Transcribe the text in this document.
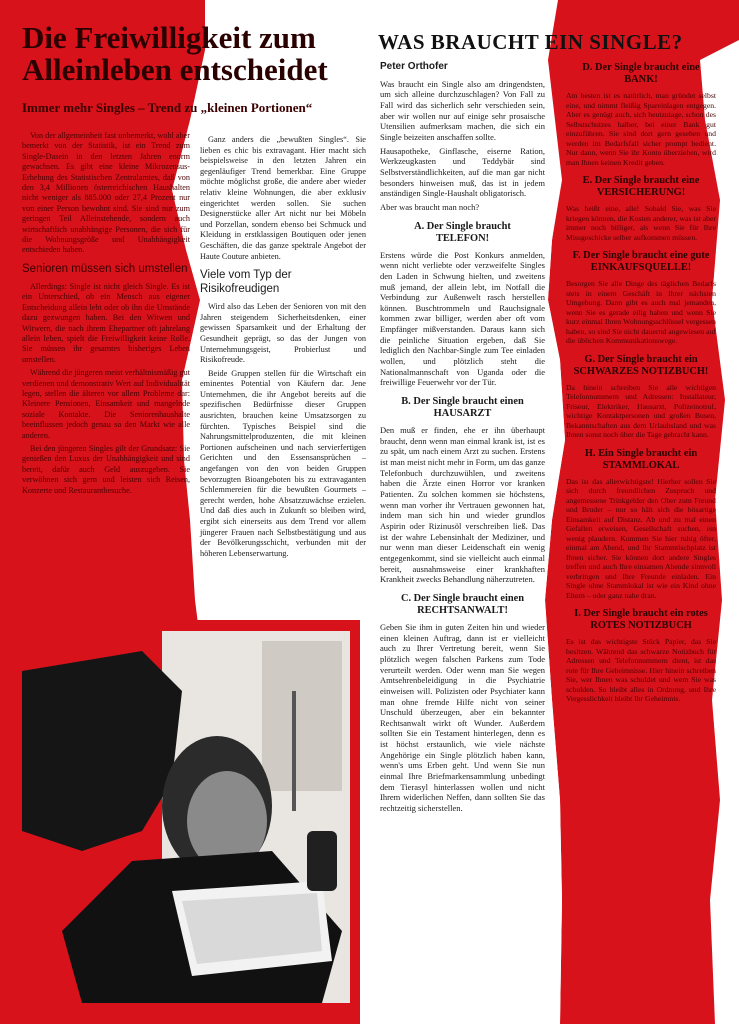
Die Freiwilligkeit zum Alleinleben entscheidet
Immer mehr Singles – Trend zu „kleinen Portionen“

Von der allgemeinheit fast unbemerkt, wohl aber bemerkt von der Statistik, ist ein Trend zum Single-Dasein in den letzten Jahren enorm gewachsen. Es gibt eine kleine Mikrozensus-Erhebung des Statistischen Zentralamtes, daß von den 3,4 Millionen österreichischen Haushalten nicht weniger als 885.000 oder 27,4 Prozent nur von einer Person bewohnt sind. Sie sind nur zum geringen Teil Alleinstehende, sondern auch wirtschaftlich unabhängige Personen, die sich für die Wohnungsgröße und Unabhängigkeit entschieden haben.

Senioren müssen sich umstellen

Allerdings: Single ist nicht gleich Single. Es ist ein Unterschied, ob ein Mensch aus eigener Entscheidung allein lebt oder ob ihn die Umstände dazu gezwungen haben. Bei den Witwen und Witwern, die nach ihrem Ehepartner oft jahrelang allein leben, spielt die Freiwilligkeit keine Rolle. Sie müssen ihr gesamtes bisheriges Leben umstellen.

Während die jüngeren meist verhältnismäßig gut verdienen und demonstrativ Wert auf Individualität legen, stellen die älteren vor allem Probleme dar: Kleinere Pensionen, Einsamkeit und mangelnde soziale Kontakte. Die Seniorenhaushalte beeinflussen jedoch genau so den Markt wie alle anderen.

Bei den jüngeren Singles gilt der Grundsatz: Sie genießen den Luxus der Unabhängigkeit und sind bereit, dafür auch Geld auszugeben. Sie verwöhnen sich gern und leisten sich Reisen, Konzerte und Restaurantbesuche.

Ganz anders die „bewußten Singles“. Sie lieben es chic bis extravagant. Hier macht sich beispielsweise in den letzten Jahren ein gegenläufiger Trend bemerkbar. Eine Gruppe möchte möglichst große, die andere aber wieder relativ kleine Wohnungen, die aber exklusiv eingerichtet werden sollen. Sie suchen Designerstücke aller Art nicht nur bei Möbeln und Porzellan, sondern ebenso bei Schmuck und Kleidung in erstklassigen Boutiquen oder jenen Geschäften, die das ganze spektrale Angebot der Haute Couture anbieten.

Viele vom Typ der Risikofreudigen

Wird also das Leben der Senioren von mit den Jahren steigendem Sicherheitsdenken, einer gewissen Sparsamkeit und der Erhaltung der Gesundheit geprägt, so das der Jungen von Unternehmungsgeist, Probierlust und Risikofreude.

Beide Gruppen stellen für die Wirtschaft ein eminentes Potential von Käufern dar. Jene Unternehmen, die ihr Angebot bereits auf die spezifischen Bedürfnisse dieser Gruppen ausrichten, brauchen keine Umsatzsorgen zu fürchten. Typisches Beispiel sind die Nahrungsmittelproduzenten, die mit kleinen Portionen aufscheinen und nach servierfertigen Gerichten und den Essensansprüchen – angefangen von den von beiden Gruppen bevorzugten Bioangeboten bis zu extravaganten Schlemmereien für die bewußten Gourmets – gerecht werden, hohe Absatzzuwächse erzielen. Und daß dies auch in Zukunft so bleiben wird, ergibt sich einerseits aus dem Trend vor allem jüngerer Frauen nach Selbstbestätigung und aus der Bevölkerungsschicht, verbunden mit der höheren Lebenserwartung.

WAS BRAUCHT EIN SINGLE?
Peter Orthofer

Was braucht ein Single also am dringendsten, um sich alleine durchzuschlagen? Von Fall zu Fall wird das sicherlich sehr verschieden sein, aber wir wollen nur auf einige sehr prosaische Utensilien aufmerksam machen, die sich ein Single beizeiten anschaffen sollte.

Hausapotheke, Ginflasche, eiserne Ration, Werkzeugkasten und Teddybär sind Selbstverständlichkeiten, auf die man gar nicht besonders hinweisen muß, das ist in jedem anständigen Single-Haushalt obligatorisch.

Aber was braucht man noch?

A. Der Single braucht
TELEFON!

Erstens würde die Post Konkurs anmelden, wenn nicht verliebte oder verzweifelte Singles den Laden in Schwung hielten, und zweitens muß jemand, der allein lebt, im Notfall die Verbindung zur Außenwelt rasch herstellen können. Buschtrommeln und Rauchsignale kommen zwar billiger, werden aber oft vom Empfänger mißverstanden. Daraus kann sich die peinliche Situation ergeben, daß Sie lediglich den Nachbar-Single zum Tee einladen wollen, und plötzlich steht die Nationalmannschaft von Uganda oder die freiwillige Feuerwehr vor der Tür.

B. Der Single braucht einen
HAUSARZT

Den muß er finden, ehe er ihn überhaupt braucht, denn wenn man einmal krank ist, ist es zu spät, um nach einem Arzt zu suchen. Erstens ist man meist nicht mehr in Form, um das ganze Telefonbuch durchzuwühlen, und zweitens haben die Ärzte einen Horror vor kranken Patienten. Zu solchen kommen sie höchstens, wenn man vorher ihr Vertrauen gewonnen hat, indem man sich hin und wieder grundlos Aspirin oder Rizinusöl verschreiben ließ. Das ist der wahre Lebensinhalt der Mediziner, und nur wenn man dieser Leidenschaft ein wenig entgegenkommt, sind sie vielleicht auch einmal bereit, ausnahmsweise einer krankhaften Krankheit zwecks Behandlung näherzutreten.

C. Der Single braucht einen
RECHTSANWALT!

Geben Sie ihm in guten Zeiten hin und wieder einen kleinen Auftrag, dann ist er vielleicht auch zu Ihrer Vertretung bereit, wenn Sie plötzlich wegen falschen Parkens zum Tode verurteilt werden. Oder wenn man Sie wegen Amtsehrenbeleidigung in die Psychiatrie einweisen will. Polizisten oder Psychiater kann man ohne fremde Hilfe nicht von seiner Unschuld überzeugen, aber ein bekannter Rechtsanwalt wirkt oft Wunder. Außerdem sollten Sie ein Testament hinterlegen, denn es ist höchst erstaunlich, wie viele nächste Angehörige ein Single plötzlich haben kann, wenn's ums Erben geht. Und wenn Sie nun einmal Ihre Briefmarkensammlung unbedingt dem Tierasyl hinterlassen wollen und nicht Ihrem widerlichen Neffen, dann sollten Sie das rechtzeitig sicherstellen.

D. Der Single braucht eine
BANK!

Am besten ist es natürlich, man gründet selbst eine, und nimmt fleißig Spareinlagen entgegen. Aber es genügt auch, sich heutzutage, schon des Selbstschutzes halber, bei einer Bank gut einzuführen. Sie sind dort gern gesehen und werden im Bedarfsfall sicher prompt bedient. Nur dann, wenn Sie ihr Konto überziehen, wird man Ihnen keinen Kredit geben.

E. Der Single braucht eine
VERSICHERUNG!

Was heißt eine, alle! Sobald Sie, was Sie kriegen können, die Kosten anderer, was ist aber immer noch billiger, als wenn Sie für Ihre Missgeschicke selber aufkommen müssen.

F. Der Single braucht eine gute
EINKAUFSQUELLE!

Besorgen Sie alle Dinge des täglichen Bedarfs stets in einem Geschäft in Ihrer nächsten Umgebung. Dann gibt es auch mal jemanden, wenn Sie es gerade eilig haben und wenn Sie kurz einmal Ihren Wohnungsschlüssel vergessen haben, so sind Sie nicht dauernd angewiesen auf die üblichen Kommunikationswege.

G. Der Single braucht ein
SCHWARZES NOTIZBUCH!

Da hinein schreiben Sie alle wichtigen Telefonnummern und Adressen: Installateur, Friseur, Elektriker, Hausarzt, Polizeinotruf, wichtige Kontaktpersonen und großen Busen, Bekanntschaften aus dem Urlaubsland und was Ihnen sonst noch über die Tage gebracht kann.

H. Ein Single braucht ein
STAMMLOKAL

Das ist das allerwichtigste! Hierher sollen Sie sich durch freundlichen Zuspruch und angemessene Trinkgelder den Ober zum Freund und Bruder – nur so hält sich die bösartige Einsamkeit auf Distanz. Ab und zu mal einen Gefallen erweisen, Gesellschaft suchen, ein wenig plaudern. Kommen Sie hier ruhig öfter, einmal am Abend, und Ihr Stammtischplatz ist Ihnen sicher. Sie können dort andere Singles treffen und auch Ihre einsamen Abende sinnvoll verbringen und Ihre Freunde einladen. Ein Single ohne Stammlokal ist wie ein Kind ohne Eltern – oder ganz nahe dran.

I. Der Single braucht ein rotes
ROTES NOTIZBUCH

Es ist das wichtigste Stück Papier, das Sie besitzen. Während das schwarze Notizbuch für Adressen und Telefonnummern dient, ist das rote für Ihre Geheimnisse. Hier hinein schreiben Sie, wer Ihnen was schuldet und wem Sie was schulden. So bleibt alles in Ordnung, und Ihre Vergesslichkeit bleibt Ihr Geheimnis.
